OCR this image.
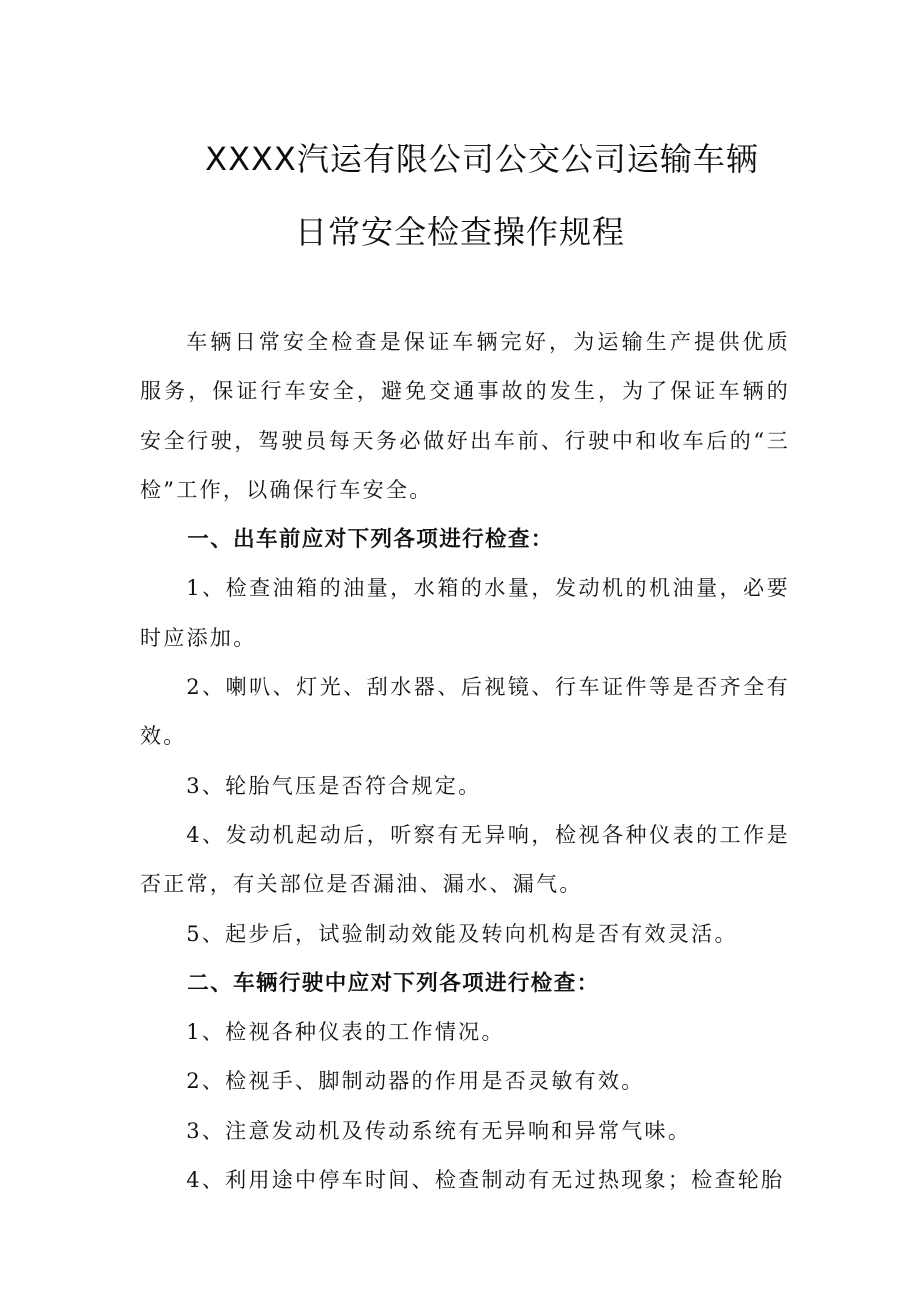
XXXX汽运有限公司公交公司运输车辆
日常安全检查操作规程

车辆日常安全检查是保证车辆完好，为运输生产提供优质服务，保证行车安全，避免交通事故的发生，为了保证车辆的安全行驶，驾驶员每天务必做好出车前、行驶中和收车后的“三检”工作，以确保行车安全。

一、出车前应对下列各项进行检查：

1、检查油箱的油量，水箱的水量，发动机的机油量，必要时应添加。

2、喇叭、灯光、刮水器、后视镜、行车证件等是否齐全有效。

3、轮胎气压是否符合规定。

4、发动机起动后，听察有无异响，检视各种仪表的工作是否正常，有关部位是否漏油、漏水、漏气。

5、起步后，试验制动效能及转向机构是否有效灵活。

二、车辆行驶中应对下列各项进行检查：

1、检视各种仪表的工作情况。

2、检视手、脚制动器的作用是否灵敏有效。

3、注意发动机及传动系统有无异响和异常气味。

4、利用途中停车时间、检查制动有无过热现象；检查轮胎
